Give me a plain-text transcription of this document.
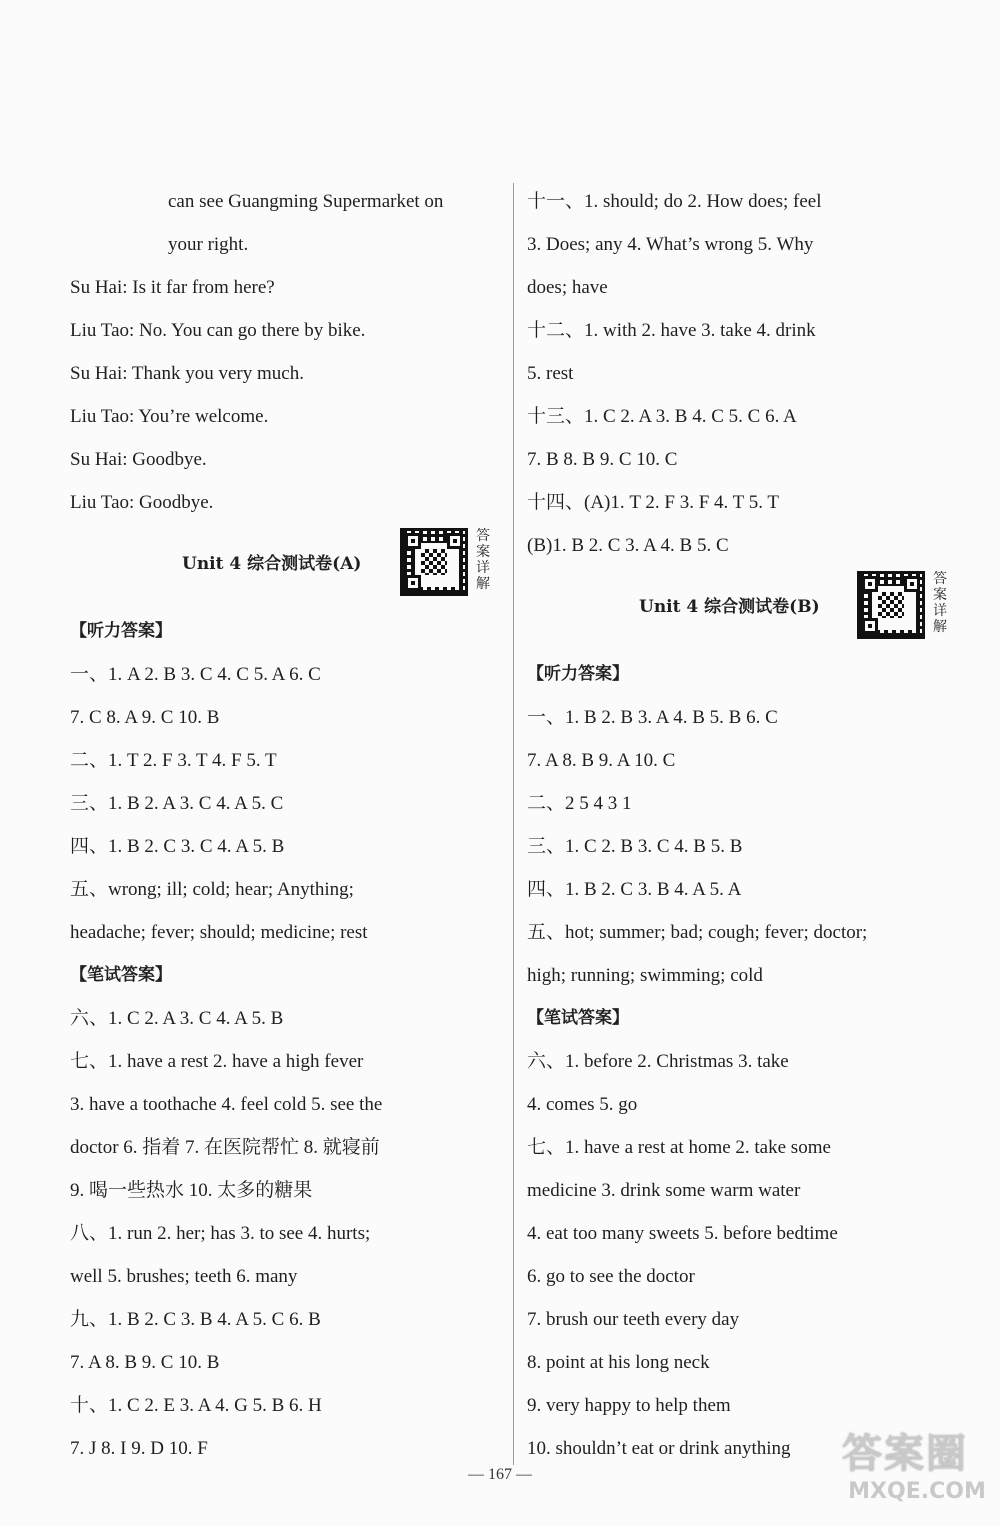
can see Guangming Supermarket on
your right.
Su Hai: Is it far from here?
Liu Tao: No. You can go there by bike.
Su Hai: Thank you very much.
Liu Tao: You’re welcome.
Su Hai: Goodbye.
Liu Tao: Goodbye.
Unit 4 综合测试卷(A)
答案详解
【听力答案】
一、1. A 2. B 3. C 4. C 5. A 6. C
7. C 8. A 9. C 10. B
二、1. T 2. F 3. T 4. F 5. T
三、1. B 2. A 3. C 4. A 5. C
四、1. B 2. C 3. C 4. A 5. B
五、wrong; ill; cold; hear; Anything;
headache; fever; should; medicine; rest
【笔试答案】
六、1. C 2. A 3. C 4. A 5. B
七、1. have a rest 2. have a high fever
3. have a toothache 4. feel cold 5. see the
doctor 6. 指着 7. 在医院帮忙 8. 就寝前
9. 喝一些热水 10. 太多的糖果
八、1. run 2. her; has 3. to see 4. hurts;
well 5. brushes; teeth 6. many
九、1. B 2. C 3. B 4. A 5. C 6. B
7. A 8. B 9. C 10. B
十、1. C 2. E 3. A 4. G 5. B 6. H
7. J 8. I 9. D 10. F
十一、1. should; do 2. How does; feel
3. Does; any 4. What’s wrong 5. Why
does; have
十二、1. with 2. have 3. take 4. drink
5. rest
十三、1. C 2. A 3. B 4. C 5. C 6. A
7. B 8. B 9. C 10. C
十四、(A)1. T 2. F 3. F 4. T 5. T
(B)1. B 2. C 3. A 4. B 5. C
Unit 4 综合测试卷(B)
答案详解
【听力答案】
一、1. B 2. B 3. A 4. B 5. B 6. C
7. A 8. B 9. A 10. C
二、2 5 4 3 1
三、1. C 2. B 3. C 4. B 5. B
四、1. B 2. C 3. B 4. A 5. A
五、hot; summer; bad; cough; fever; doctor;
high; running; swimming; cold
【笔试答案】
六、1. before 2. Christmas 3. take
4. comes 5. go
七、1. have a rest at home 2. take some
medicine 3. drink some warm water
4. eat too many sweets 5. before bedtime
6. go to see the doctor
7. brush our teeth every day
8. point at his long neck
9. very happy to help them
10. shouldn’t eat or drink anything
— 167 —	答案圈
MXQE.COM
